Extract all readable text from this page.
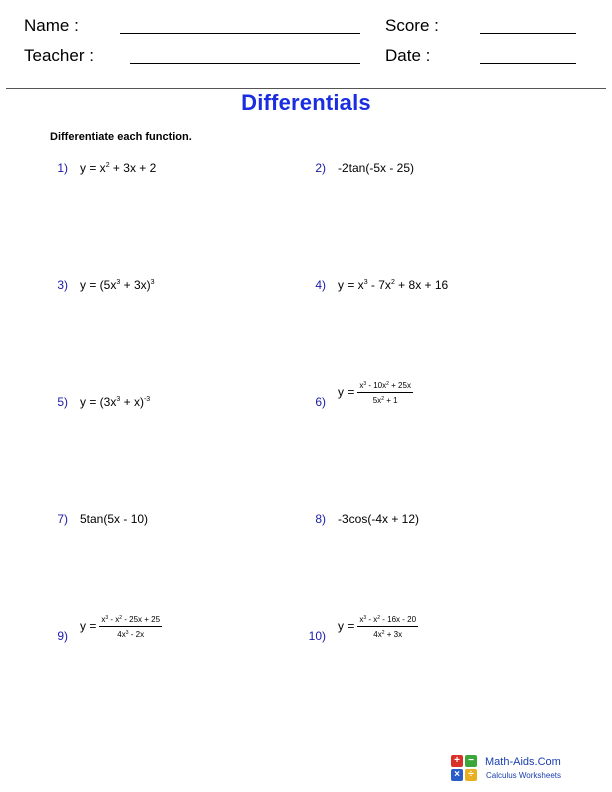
Name :	Score :
Teacher :	Date :
Differentials
Differentiate each function.
1) $y = x^2 + 3x + 2$	2) -2tan(-5x - 25)
3) $y = (5x^3 + 3x)^3$	4) $y = x^3 - 7x^2 + 8x + 16$
5) $y = (3x^3 + x)^{-3}$	6)
$y = \frac{x^3 - 10x^2 + 25x}{5x^2 + 1}$
7) 5tan(5x - 10)	8) -3cos(-4x + 12)
9)
$y = \frac{x^3 - x^2 - 25x + 25}{4x^3 - 2x}$	10)
$y = \frac{x^3 - x^2 - 16x - 20}{4x^2 + 3x}$
+ −
× ÷
Math-Aids.Com
Calculus Worksheets
